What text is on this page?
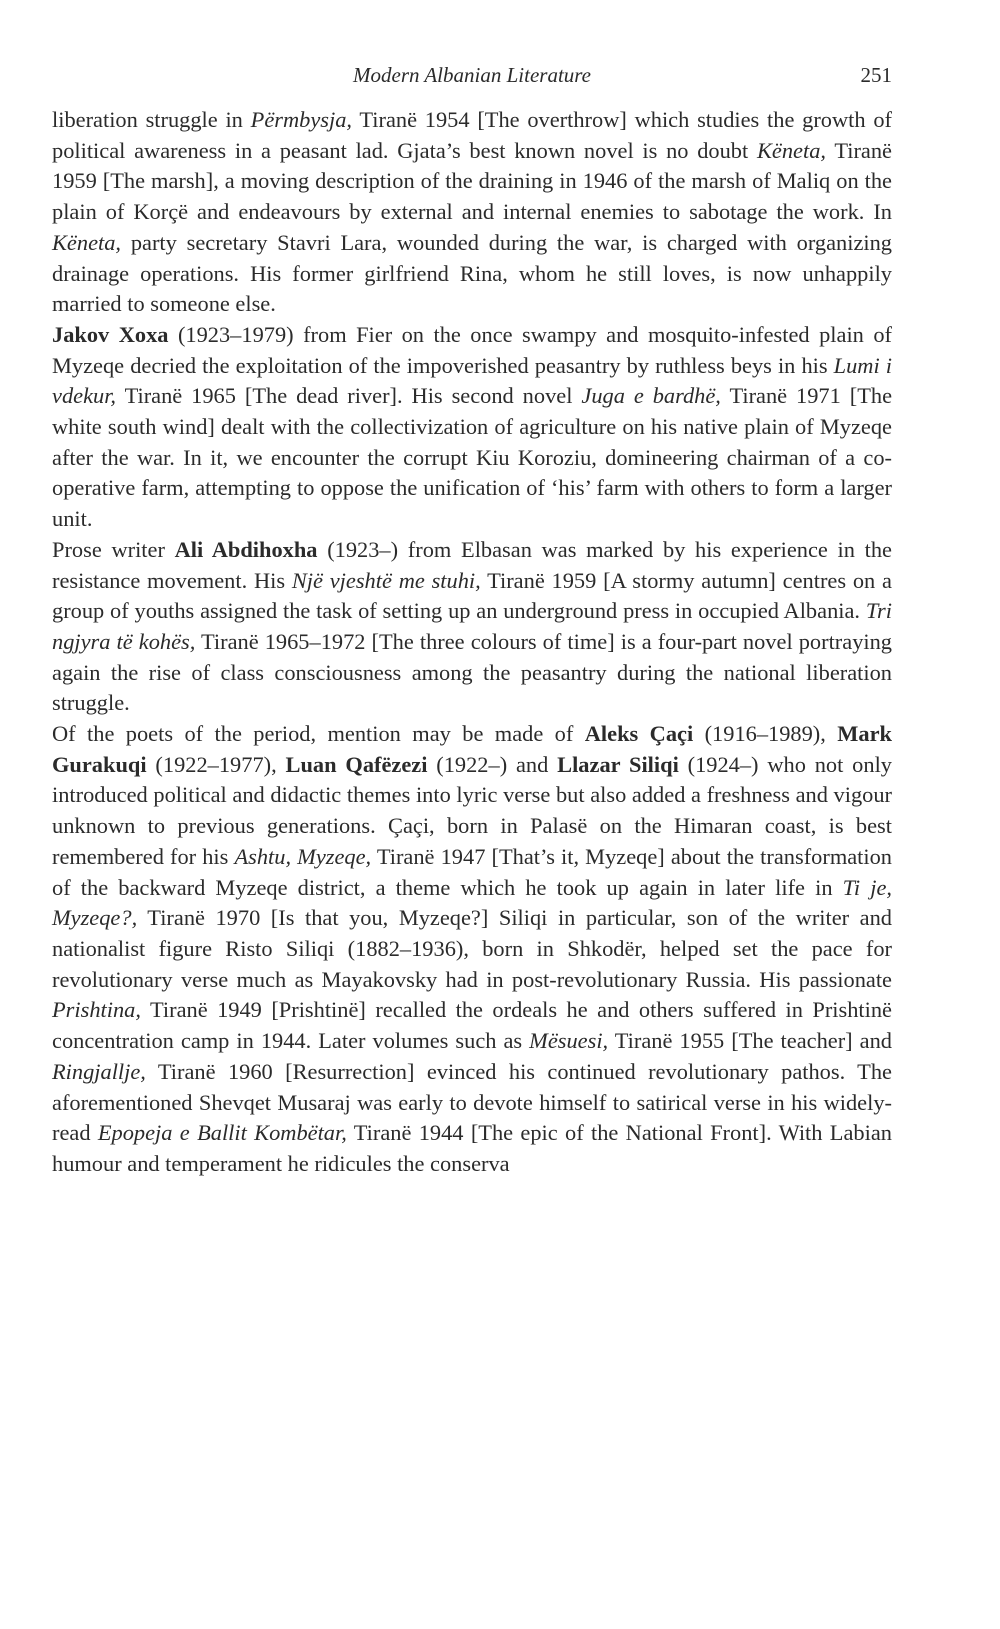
Modern Albanian Literature	251

liberation struggle in Përmbysja, Tiranë 1954 [The overthrow] which studies the growth of political awareness in a peasant lad. Gjata’s best known novel is no doubt Këneta, Tiranë 1959 [The marsh], a moving description of the draining in 1946 of the marsh of Maliq on the plain of Korçë and endeavours by external and internal enemies to sabotage the work. In Këneta, party secretary Stavri Lara, wounded during the war, is charged with organizing drainage operations. His former girlfriend Rina, whom he still loves, is now unhappily married to someone else.

Jakov Xoxa (1923–1979) from Fier on the once swampy and mosquito-infested plain of Myzeqe decried the exploitation of the impoverished peasantry by ruthless beys in his Lumi i vdekur, Tiranë 1965 [The dead river]. His second novel Juga e bardhë, Tiranë 1971 [The white south wind] dealt with the collectivization of agriculture on his native plain of Myzeqe after the war. In it, we encounter the corrupt Kiu Koroziu, domineering chairman of a co-operative farm, attempting to oppose the unification of ‘his’ farm with others to form a larger unit.

Prose writer Ali Abdihoxha (1923–) from Elbasan was marked by his experience in the resistance movement. His Një vjeshtë me stuhi, Tiranë 1959 [A stormy autumn] centres on a group of youths assigned the task of setting up an underground press in occupied Albania. Tri ngjyra të kohës, Tiranë 1965–1972 [The three colours of time] is a four-part novel portraying again the rise of class consciousness among the peasantry during the national liberation struggle.

Of the poets of the period, mention may be made of Aleks Çaçi (1916–1989), Mark Gurakuqi (1922–1977), Luan Qafëzezi (1922–) and Llazar Siliqi (1924–) who not only introduced political and didactic themes into lyric verse but also added a freshness and vigour unknown to previous generations. Çaçi, born in Palasë on the Himaran coast, is best remembered for his Ashtu, Myzeqe, Tiranë 1947 [That’s it, Myzeqe] about the transformation of the backward Myzeqe district, a theme which he took up again in later life in Ti je, Myzeqe?, Tiranë 1970 [Is that you, Myzeqe?] Siliqi in particular, son of the writer and nationalist figure Risto Siliqi (1882–1936), born in Shkodër, helped set the pace for revolutionary verse much as Mayakovsky had in post-revolutionary Russia. His passionate Prishtina, Tiranë 1949 [Prishtinë] recalled the ordeals he and others suffered in Prishtinë concentration camp in 1944. Later volumes such as Mësuesi, Tiranë 1955 [The teacher] and Ringjallje, Tiranë 1960 [Resurrection] evinced his continued revolutionary pathos. The aforementioned Shevqet Musaraj was early to devote himself to satirical verse in his widely-read Epopeja e Ballit Kombëtar, Tiranë 1944 [The epic of the National Front]. With Labian humour and temperament he ridicules the conserva
